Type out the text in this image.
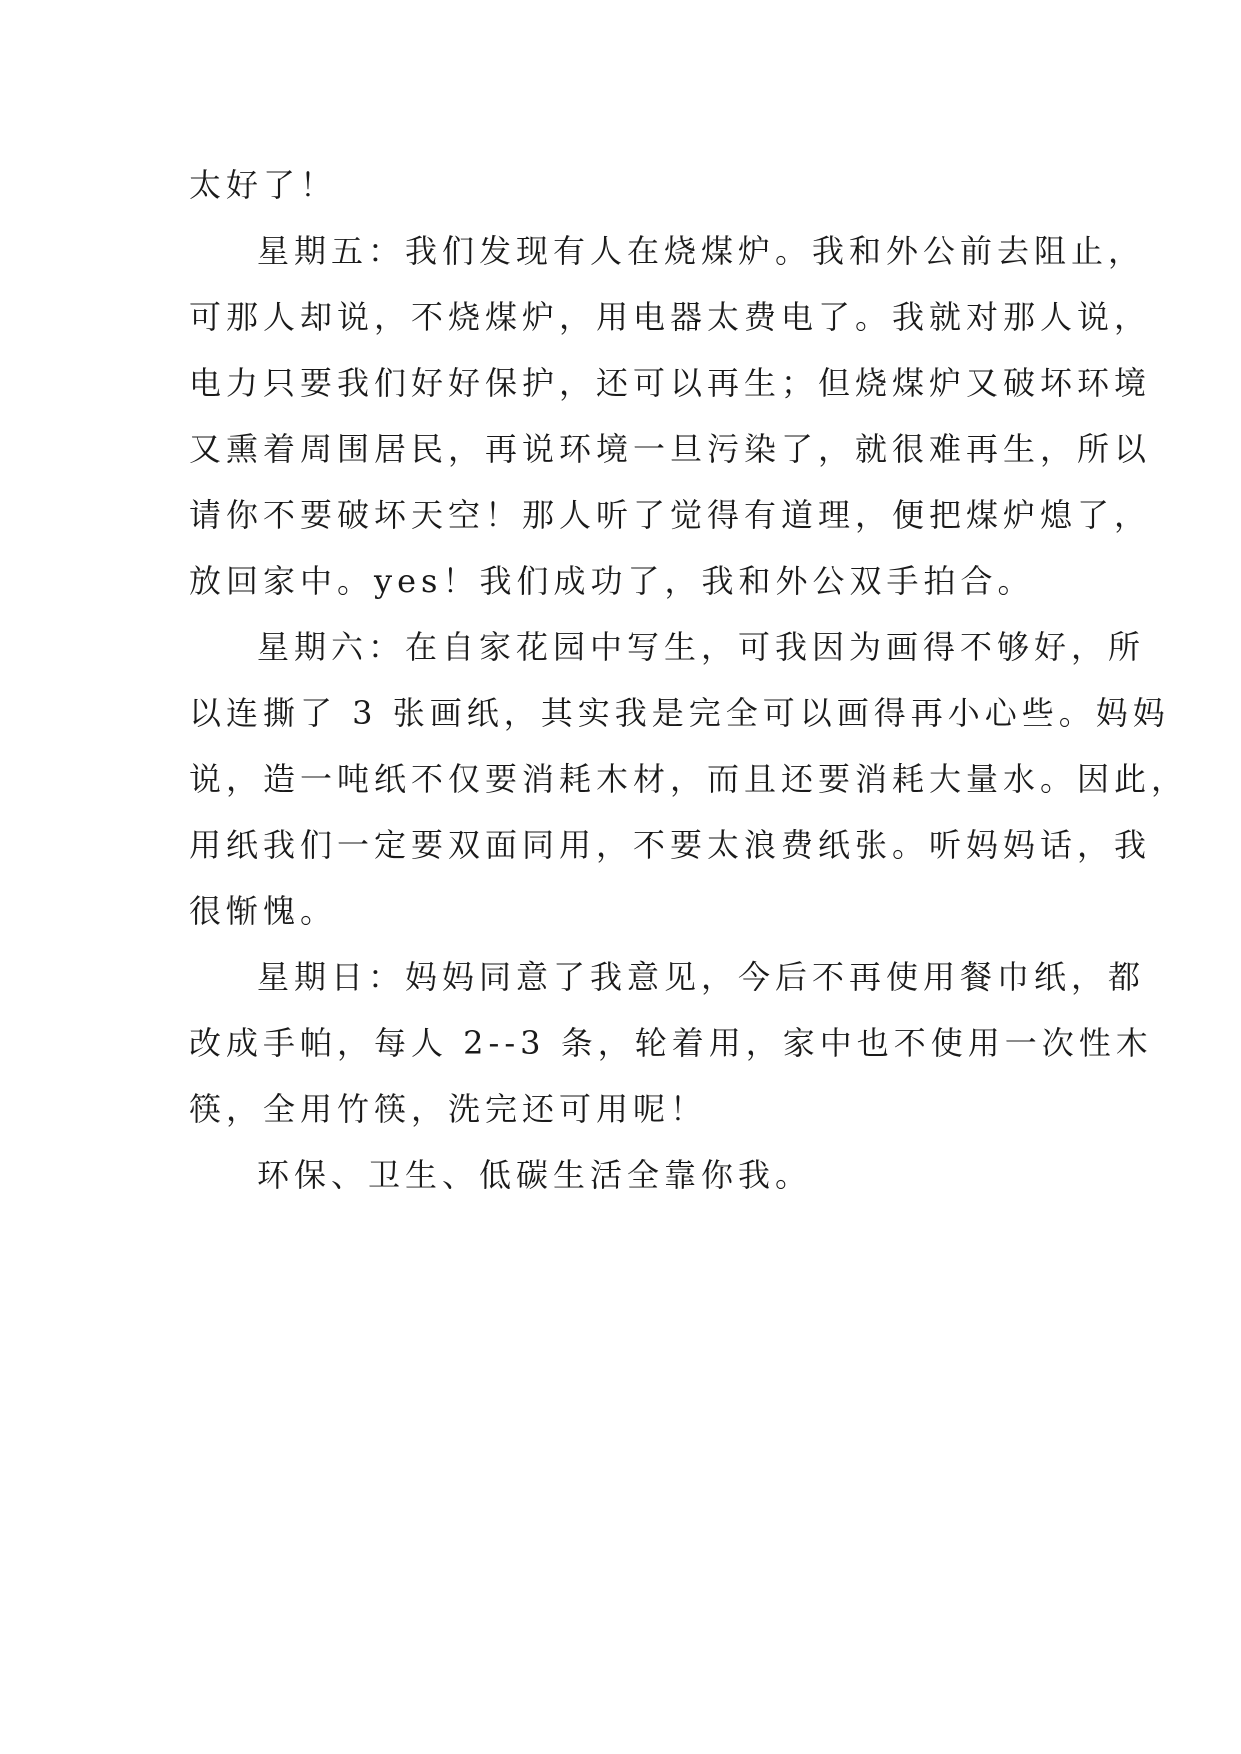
太好了！
星期五：我们发现有人在烧煤炉。我和外公前去阻止，
可那人却说，不烧煤炉，用电器太费电了。我就对那人说，
电力只要我们好好保护，还可以再生；但烧煤炉又破坏环境
又熏着周围居民，再说环境一旦污染了，就很难再生，所以
请你不要破坏天空！那人听了觉得有道理，便把煤炉熄了，
放回家中。yes！我们成功了，我和外公双手拍合。
星期六：在自家花园中写生，可我因为画得不够好，所
以连撕了 3 张画纸，其实我是完全可以画得再小心些。妈妈
说，造一吨纸不仅要消耗木材，而且还要消耗大量水。因此，
用纸我们一定要双面同用，不要太浪费纸张。听妈妈话，我
很惭愧。
星期日：妈妈同意了我意见，今后不再使用餐巾纸，都
改成手帕，每人 2--3 条，轮着用，家中也不使用一次性木
筷，全用竹筷，洗完还可用呢！
环保、卫生、低碳生活全靠你我。
